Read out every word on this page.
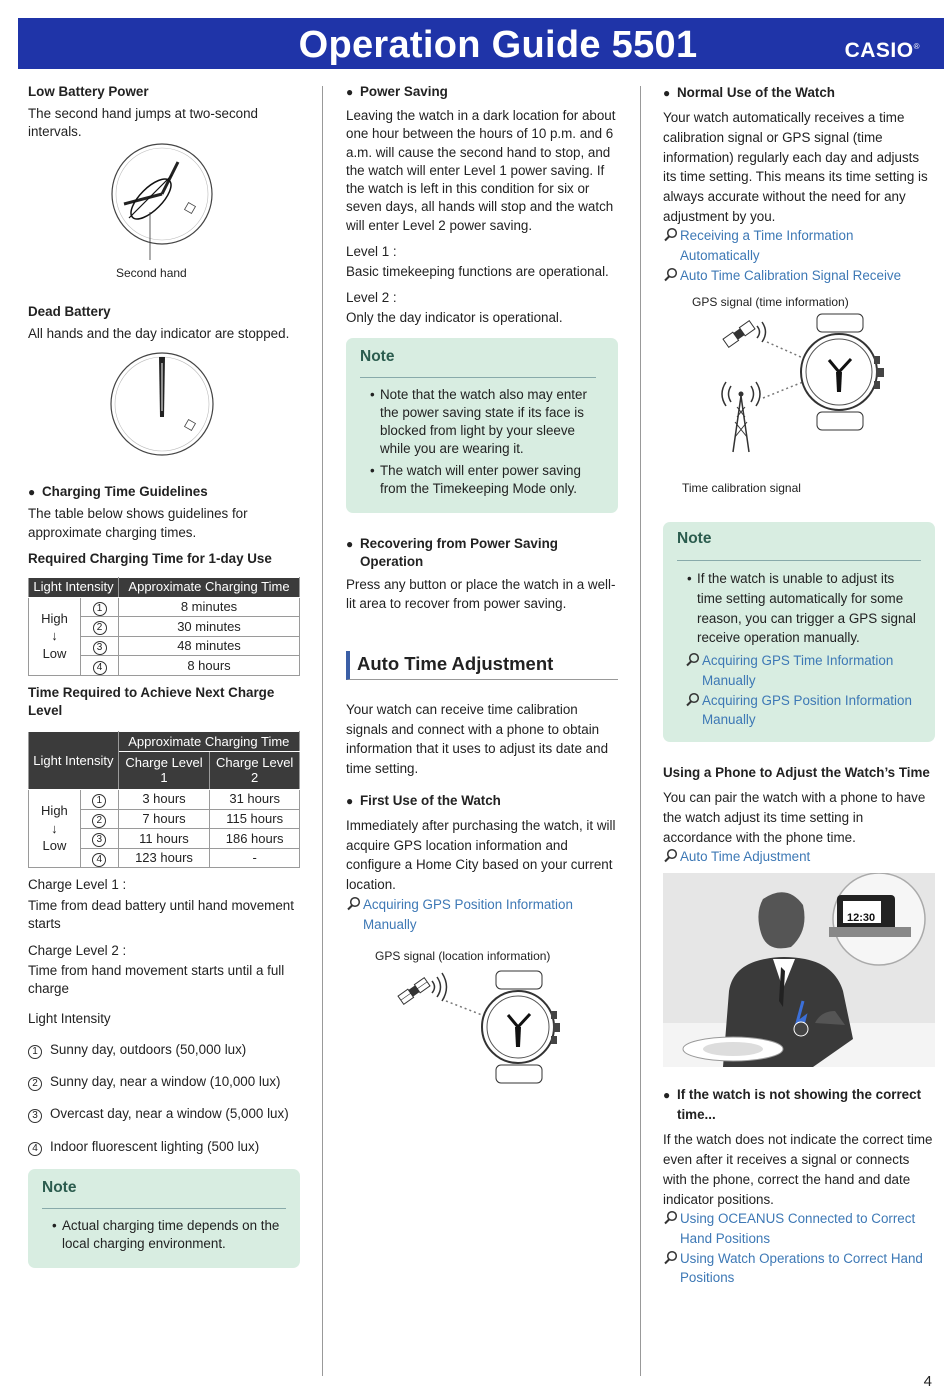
Operation Guide 5501	CASIO®
Low Battery Power
The second hand jumps at two-second intervals.
Second hand
Dead Battery
All hands and the day indicator are stopped.
● Charging Time Guidelines
The table below shows guidelines for approximate charging times.
Required Charging Time for 1-day Use
Light Intensity		Approximate Charging Time
High
↓
Low	1	8 minutes
	2	30 minutes
	3	48 minutes
	4	8 hours
Time Required to Achieve Next Charge Level
Light Intensity		Approximate Charging Time	
		Charge Level 1	Charge Level 2
High
↓
Low	1	3 hours	31 hours
	2	7 hours	115 hours
	3	11 hours	186 hours
	4	123 hours	-
Charge Level 1 :
Time from dead battery until hand movement starts
Charge Level 2 :
Time from hand movement starts until a full charge
Light Intensity
1 Sunny day, outdoors (50,000 lux)
2 Sunny day, near a window (10,000 lux)
3 Overcast day, near a window (5,000 lux)
4 Indoor fluorescent lighting (500 lux)
Note
• Actual charging time depends on the local charging environment.
● Power Saving
Leaving the watch in a dark location for about one hour between the hours of 10 p.m. and 6 a.m. will cause the second hand to stop, and the watch will enter Level 1 power saving. If the watch is left in this condition for six or seven days, all hands will stop and the watch will enter Level 2 power saving.
Level 1 :
Basic timekeeping functions are operational.
Level 2 :
Only the day indicator is operational.
Note
• Note that the watch also may enter the power saving state if its face is blocked from light by your sleeve while you are wearing it.
• The watch will enter power saving from the Timekeeping Mode only.
● Recovering from Power Saving Operation
Press any button or place the watch in a well-lit area to recover from power saving.
Auto Time Adjustment
Your watch can receive time calibration signals and connect with a phone to obtain information that it uses to adjust its date and time setting.
● First Use of the Watch
Immediately after purchasing the watch, it will acquire GPS location information and configure a Home City based on your current location.
Acquiring GPS Position Information Manually
GPS signal (location information)
● Normal Use of the Watch
Your watch automatically receives a time calibration signal or GPS signal (time information) regularly each day and adjusts its time setting. This means its time setting is always accurate without the need for any adjustment by you.
Receiving a Time Information Automatically
Auto Time Calibration Signal Receive
GPS signal (time information)
Time calibration signal
Note
• If the watch is unable to adjust its time setting automatically for some reason, you can trigger a GPS signal receive operation manually.
Acquiring GPS Time Information Manually
Acquiring GPS Position Information Manually
Using a Phone to Adjust the Watch’s Time
You can pair the watch with a phone to have the watch adjust its time setting in accordance with the phone time.
Auto Time Adjustment
12:30
● If the watch is not showing the correct time...
If the watch does not indicate the correct time even after it receives a signal or connects with the phone, correct the hand and date indicator positions.
Using OCEANUS Connected to Correct Hand Positions
Using Watch Operations to Correct Hand Positions
4
